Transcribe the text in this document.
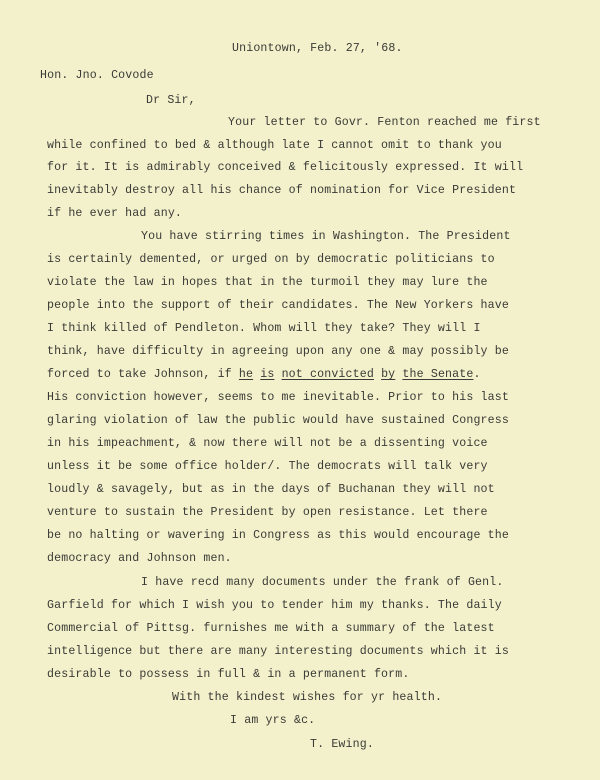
Uniontown, Feb. 27, '68.
Hon. Jno. Covode
Dr Sir,
Your letter to Govr. Fenton reached me first
while confined to bed & although late I cannot omit to thank you
for it. It is admirably conceived & felicitously expressed. It will
inevitably destroy all his chance of nomination for Vice President
if he ever had any.
You have stirring times in Washington. The President
is certainly demented, or urged on by democratic politicians to
violate the law in hopes that in the turmoil they may lure the
people into the support of their candidates. The New Yorkers have
I think killed of Pendleton. Whom will they take? They will I
think, have difficulty in agreeing upon any one & may possibly be
forced to take Johnson, if he is not convicted by the Senate.
His conviction however, seems to me inevitable. Prior to his last
glaring violation of law the public would have sustained Congress
in his impeachment, & now there will not be a dissenting voice
unless it be some office holder/. The democrats will talk very
loudly & savagely, but as in the days of Buchanan they will not
venture to sustain the President by open resistance. Let there
be no halting or wavering in Congress as this would encourage the
democracy and Johnson men.
I have recd many documents under the frank of Genl.
Garfield for which I wish you to tender him my thanks. The daily
Commercial of Pittsg. furnishes me with a summary of the latest
intelligence but there are many interesting documents which it is
desirable to possess in full & in a permanent form.
With the kindest wishes for yr health.
I am yrs &c.
T. Ewing.
